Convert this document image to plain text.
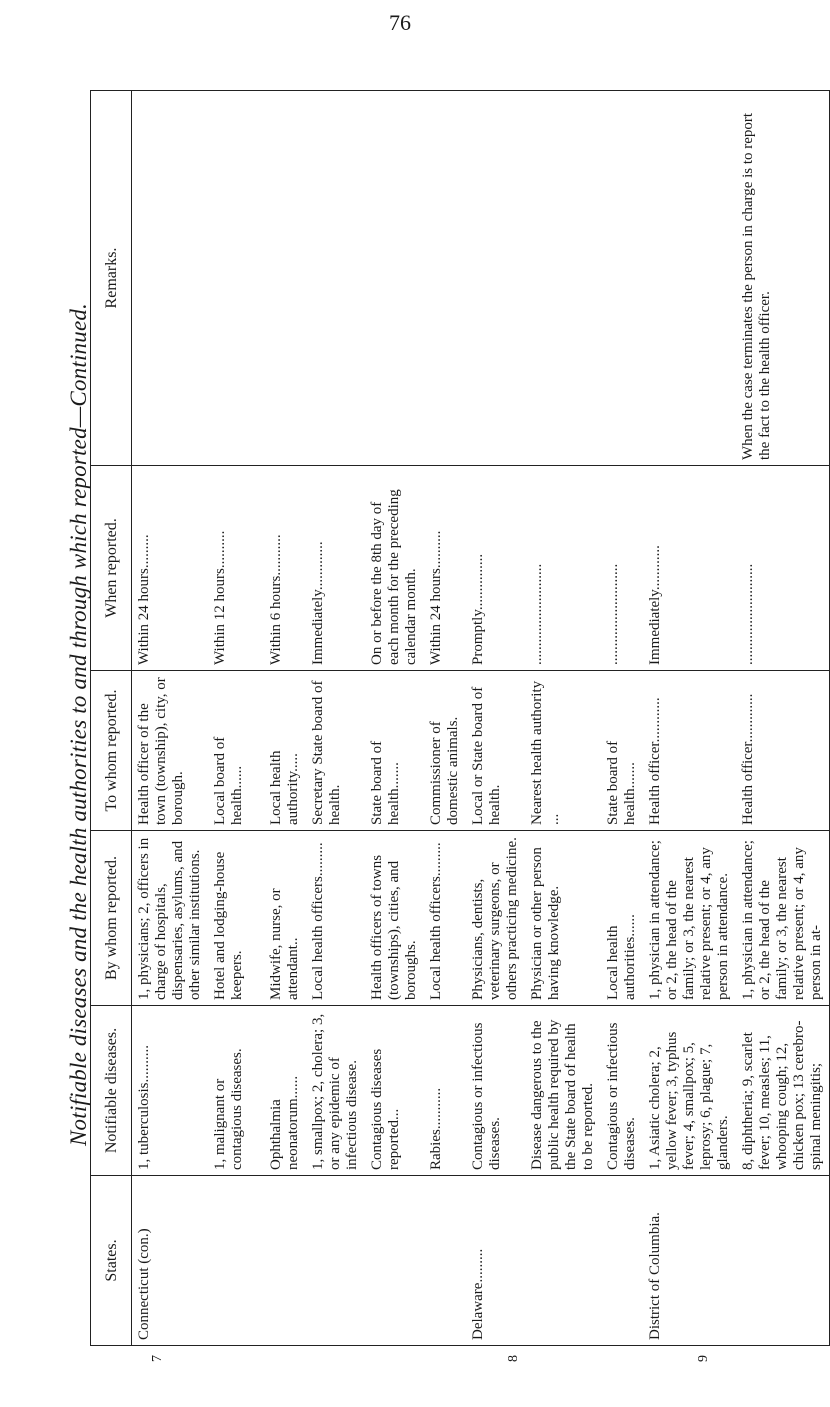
76
Notifiable diseases and the health authorities to and through which reported—Continued.
States.	Notifiable diseases.	By whom reported.	To whom reported.	When reported.	Remarks.
Connecticut (con.)	1, tuberculosis..........	1, physicians; 2, officers in charge of hospitals, dispensaries, asylums, and other similar institutions.	Health officer of the town (township), city, or borough.	Within 24 hours.........	
	1, malignant or contagious diseases.	Hotel and lodging-house keepers.	Local board of health......	Within 12 hours..........	
	Ophthalmia neonatorum......	Midwife, nurse, or attendant..	Local health authority.....	Within 6 hours...........	
	1, smallpox; 2, cholera; 3, or any epidemic of infectious disease.	Local health officers.........	Secretary State board of health.	Immediately.............	
	Contagious diseases reported...	Health officers of towns (townships), cities, and boroughs.	State board of health.......	On or before the 8th day of each month for the preceding calendar month.	
	Rabies...........	Local health officers.........	Commissioner of domestic animals.	Within 24 hours..........	
Delaware.........	Contagious or infectious diseases.	Physicians, dentists, veterinary surgeons, or others practicing medicine.	Local or State board of health.	Promptly...............	
	Disease dangerous to the public health required by the State board of health to be reported.	Physician or other person having knowledge.	Nearest health authority ...	...........................	
	Contagious or infectious diseases.	Local health authorities......	State board of health.......	...........................	
District of Columbia.	1, Asiatic cholera; 2, yellow fever; 3, typhus fever; 4, smallpox; 5, leprosy; 6, plague; 7, glanders.	1, physician in attendance; or 2, the head of the family; or 3, the nearest relative present; or 4, any person in attendance.	Health officer............	Immediately............	
	8, diphtheria; 9, scarlet fever; 10, measles; 11, whooping cough; 12, chicken pox; 13 cerebro-spinal meningitis;	1, physician in attendance; or 2, the head of the family; or 3, the nearest relative present; or 4, any person in at-	Health officer.............	...........................	When the case terminates the person in charge is to report the fact to the health officer.
7	8	9
